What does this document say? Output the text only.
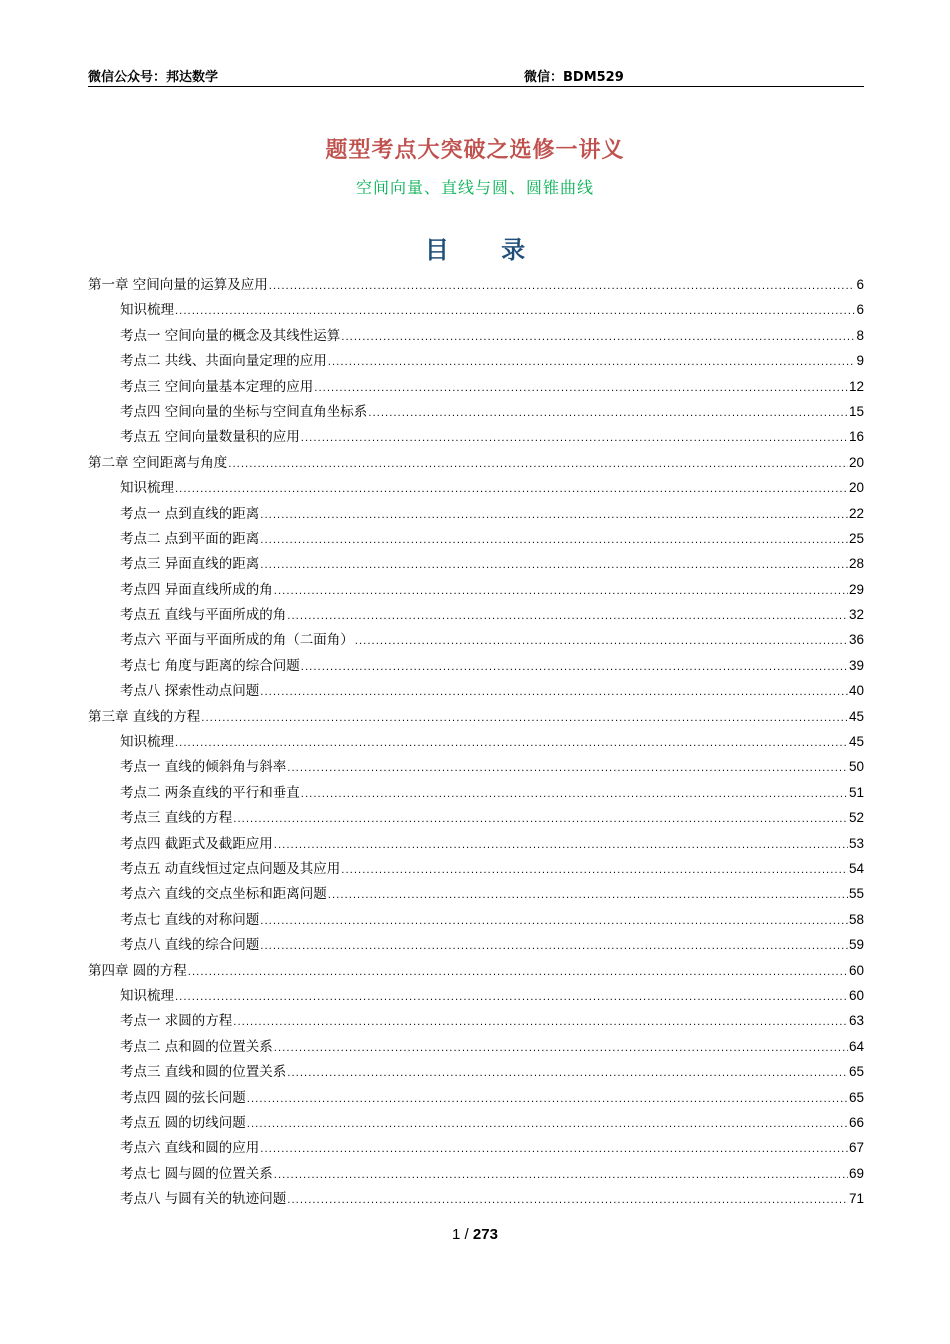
微信公众号：邦达数学	微信：BDM529
题型考点大突破之选修一讲义
空间向量、直线与圆、圆锥曲线
目 录
第一章 空间向量的运算及应用 .....	6
知识梳理 .....	6
考点一 空间向量的概念及其线性运算 .....	8
考点二 共线、共面向量定理的应用 .....	9
考点三 空间向量基本定理的应用 .....	12
考点四 空间向量的坐标与空间直角坐标系 .....	15
考点五 空间向量数量积的应用 .....	16
第二章 空间距离与角度 .....	20
知识梳理 .....	20
考点一 点到直线的距离 .....	22
考点二 点到平面的距离 .....	25
考点三 异面直线的距离 .....	28
考点四 异面直线所成的角 .....	29
考点五 直线与平面所成的角 .....	32
考点六 平面与平面所成的角（二面角） .....	36
考点七 角度与距离的综合问题 .....	39
考点八 探索性动点问题 .....	40
第三章 直线的方程 .....	45
知识梳理 .....	45
考点一 直线的倾斜角与斜率 .....	50
考点二 两条直线的平行和垂直 .....	51
考点三 直线的方程 .....	52
考点四 截距式及截距应用 .....	53
考点五 动直线恒过定点问题及其应用 .....	54
考点六 直线的交点坐标和距离问题 .....	55
考点七 直线的对称问题 .....	58
考点八 直线的综合问题 .....	59
第四章 圆的方程 .....	60
知识梳理 .....	60
考点一 求圆的方程 .....	63
考点二 点和圆的位置关系 .....	64
考点三 直线和圆的位置关系 .....	65
考点四 圆的弦长问题 .....	65
考点五 圆的切线问题 .....	66
考点六 直线和圆的应用 .....	67
考点七 圆与圆的位置关系 .....	69
考点八 与圆有关的轨迹问题 .....	71
1 / 273
